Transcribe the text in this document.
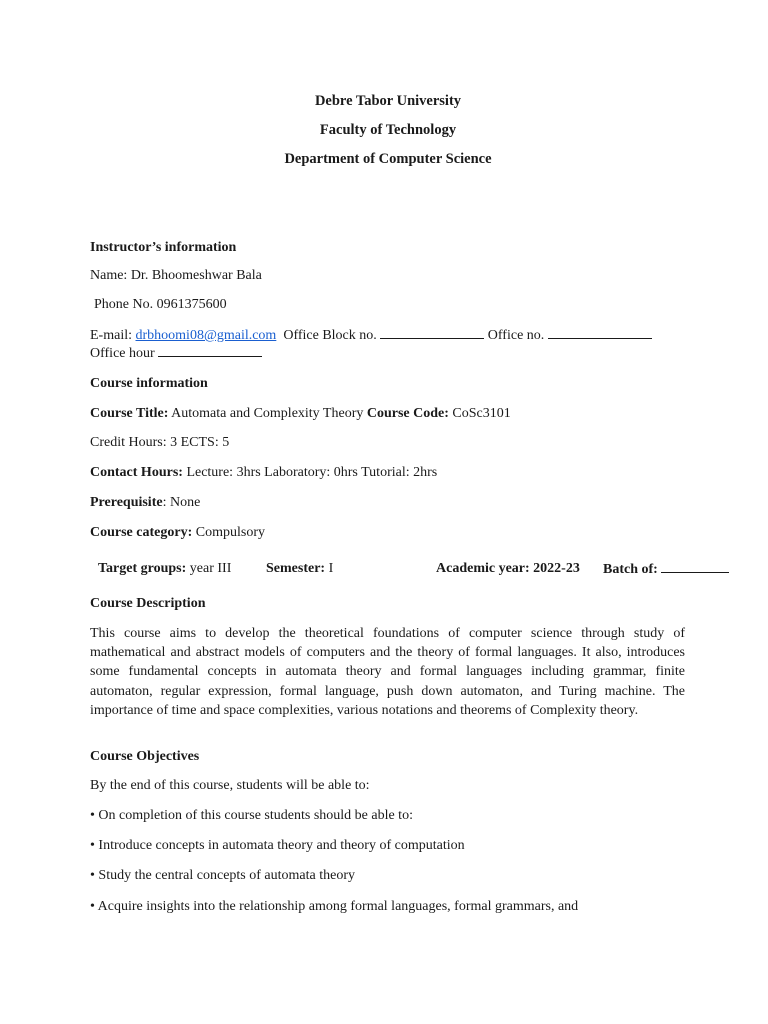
Debre Tabor University
Faculty of Technology
Department of Computer Science
Instructor’s information
Name: Dr. Bhoomeshwar Bala
Phone No. 0961375600
E-mail: drbhoomi08@gmail.com Office Block no.	Office no.
Office hour
Course information
Course Title: Automata and Complexity Theory Course Code: CoSc3101
Credit Hours: 3 ECTS: 5
Contact Hours: Lecture: 3hrs Laboratory: 0hrs Tutorial: 2hrs
Prerequisite: None
Course category: Compulsory
Target groups: year III Semester: I	Academic year: 2022-23 Batch of:
Course Description
This course aims to develop the theoretical foundations of computer science through study of mathematical and abstract models of computers and the theory of formal languages. It also, introduces some fundamental concepts in automata theory and formal languages including grammar, finite automaton, regular expression, formal language, push down automaton, and Turing machine. The importance of time and space complexities, various notations and theorems of Complexity theory.
Course Objectives
By the end of this course, students will be able to:
• On completion of this course students should be able to:
• Introduce concepts in automata theory and theory of computation
• Study the central concepts of automata theory
• Acquire insights into the relationship among formal languages, formal grammars, and
